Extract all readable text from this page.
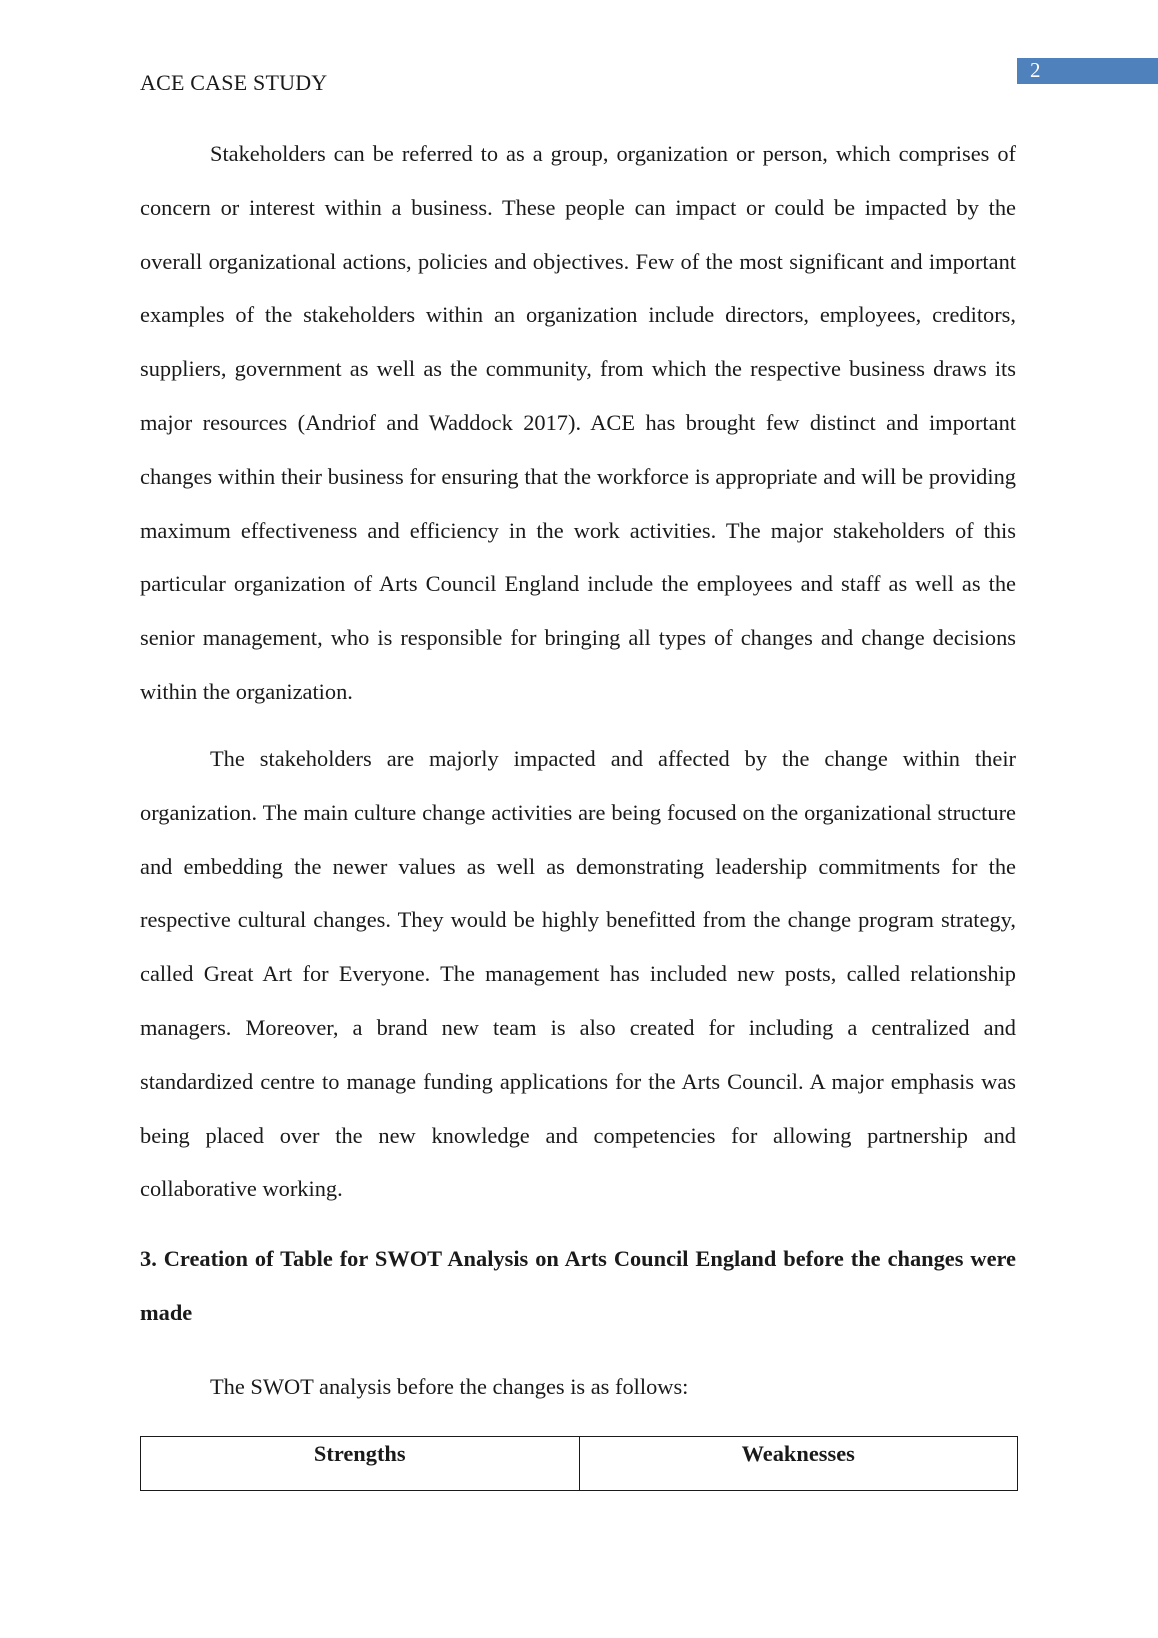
2
ACE CASE STUDY

Stakeholders can be referred to as a group, organization or person, which comprises of concern or interest within a business. These people can impact or could be impacted by the overall organizational actions, policies and objectives. Few of the most significant and important examples of the stakeholders within an organization include directors, employees, creditors, suppliers, government as well as the community, from which the respective business draws its major resources (Andriof and Waddock 2017). ACE has brought few distinct and important changes within their business for ensuring that the workforce is appropriate and will be providing maximum effectiveness and efficiency in the work activities. The major stakeholders of this particular organization of Arts Council England include the employees and staff as well as the senior management, who is responsible for bringing all types of changes and change decisions within the organization.

The stakeholders are majorly impacted and affected by the change within their organization. The main culture change activities are being focused on the organizational structure and embedding the newer values as well as demonstrating leadership commitments for the respective cultural changes. They would be highly benefitted from the change program strategy, called Great Art for Everyone. The management has included new posts, called relationship managers. Moreover, a brand new team is also created for including a centralized and standardized centre to manage funding applications for the Arts Council. A major emphasis was being placed over the new knowledge and competencies for allowing partnership and collaborative working.

3. Creation of Table for SWOT Analysis on Arts Council England before the changes were made

The SWOT analysis before the changes is as follows:

Strengths	Weaknesses
